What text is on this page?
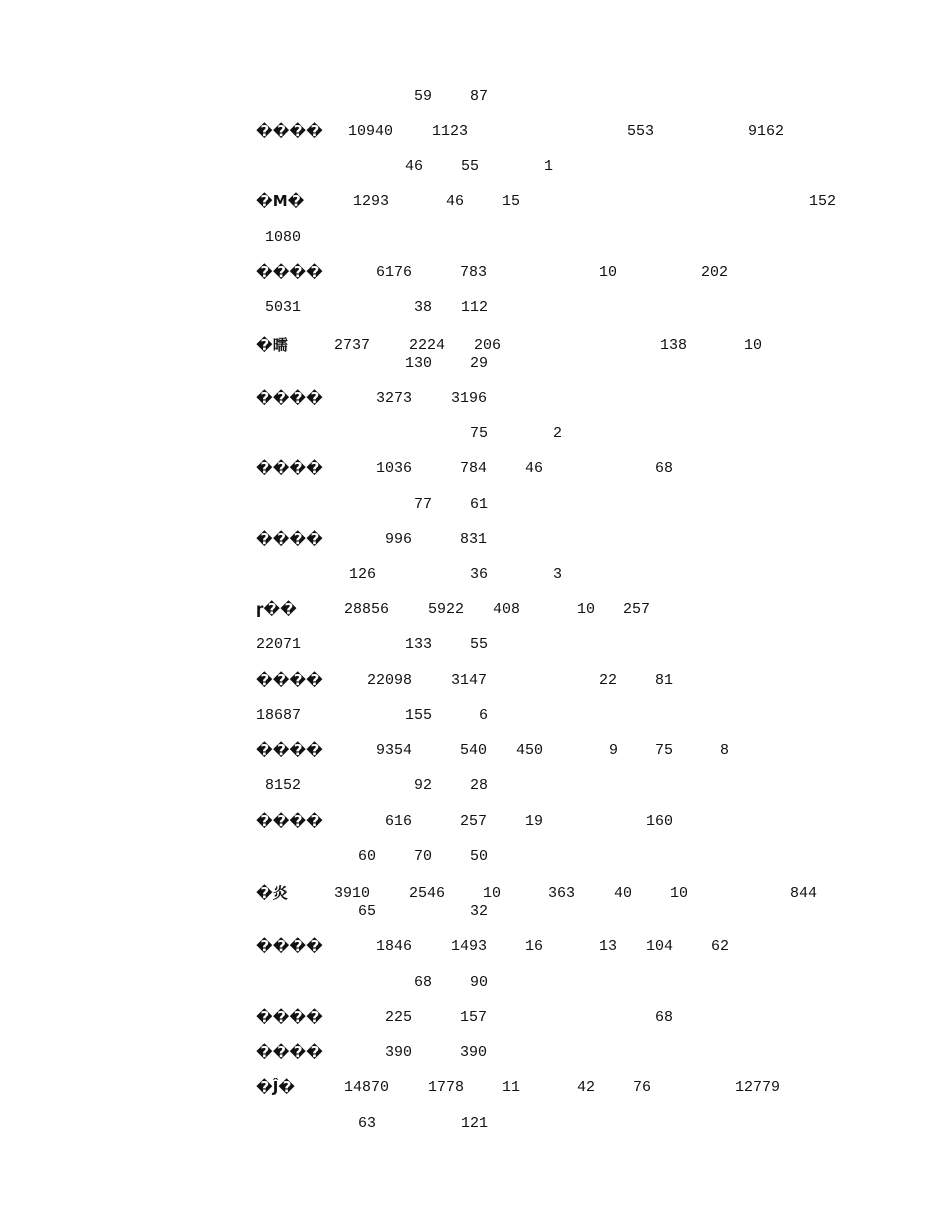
59	87
���� 10940	1123	553	9162
46	55	1
�M�	1293	46	15	152
1080
����	6176	783	10	202
5031	38 112
�曘	2737	2224 206	138	10
130	29
����	3273	3196
75	2
����	1036	784	46	68
77	61
����	996	831
126	36	3
ɼ��	28856	5922 408	10 257
22071	133	55
����	22098	3147	22	81
18687	155	6
����	9354	540 450	9 75	8
8152	92	28
����	616	257	19	160
60	70	50
�炎	3910	2546	10	363	40	10	844
65	32
����	1846	1493	16	13 104	62
68	90
����	225	157	68
����	390	390
�Ĵ�	14870	1778	11	42	76	12779
63	121
